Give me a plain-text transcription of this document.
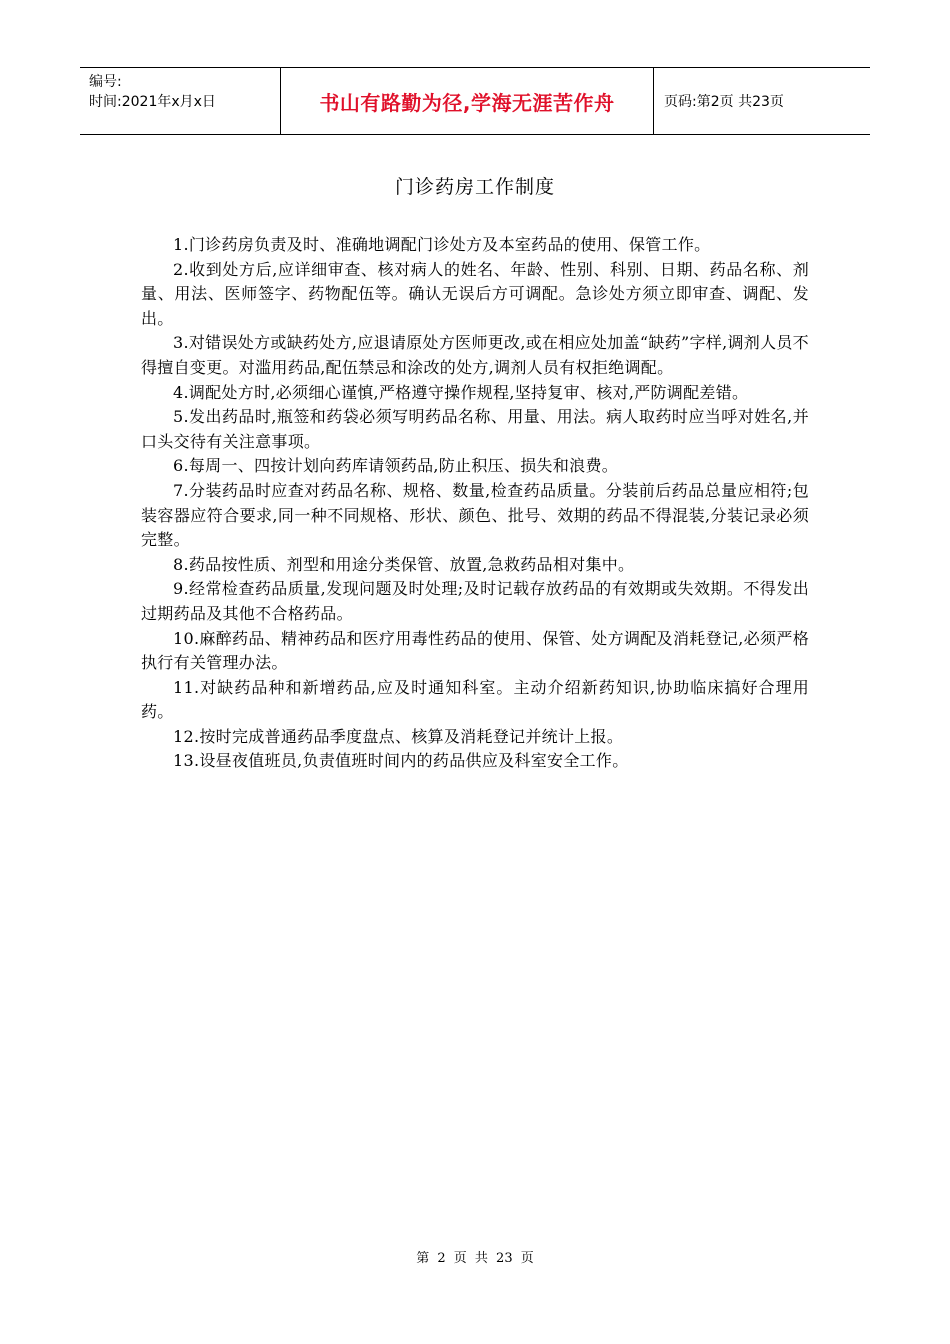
编号:
时间:2021年x月x日	书山有路勤为径,学海无涯苦作舟	页码:第2页 共23页
门诊药房工作制度

1.门诊药房负责及时、准确地调配门诊处方及本室药品的使用、保管工作。

2.收到处方后,应详细审查、核对病人的姓名、年龄、性别、科别、日期、药品名称、剂量、用法、医师签字、药物配伍等。确认无误后方可调配。急诊处方须立即审查、调配、发出。

3.对错误处方或缺药处方,应退请原处方医师更改,或在相应处加盖“缺药”字样,调剂人员不得擅自变更。对滥用药品,配伍禁忌和涂改的处方,调剂人员有权拒绝调配。

4.调配处方时,必须细心谨慎,严格遵守操作规程,坚持复审、核对,严防调配差错。

5.发出药品时,瓶签和药袋必须写明药品名称、用量、用法。病人取药时应当呼对姓名,并口头交待有关注意事项。

6.每周一、四按计划向药库请领药品,防止积压、损失和浪费。

7.分装药品时应查对药品名称、规格、数量,检查药品质量。分装前后药品总量应相符;包装容器应符合要求,同一种不同规格、形状、颜色、批号、效期的药品不得混装,分装记录必须完整。

8.药品按性质、剂型和用途分类保管、放置,急救药品相对集中。

9.经常检查药品质量,发现问题及时处理;及时记载存放药品的有效期或失效期。不得发出过期药品及其他不合格药品。

10.麻醉药品、精神药品和医疗用毒性药品的使用、保管、处方调配及消耗登记,必须严格执行有关管理办法。

11.对缺药品种和新增药品,应及时通知科室。主动介绍新药知识,协助临床搞好合理用药。

12.按时完成普通药品季度盘点、核算及消耗登记并统计上报。

13.设昼夜值班员,负责值班时间内的药品供应及科室安全工作。

第 2 页 共 23 页
